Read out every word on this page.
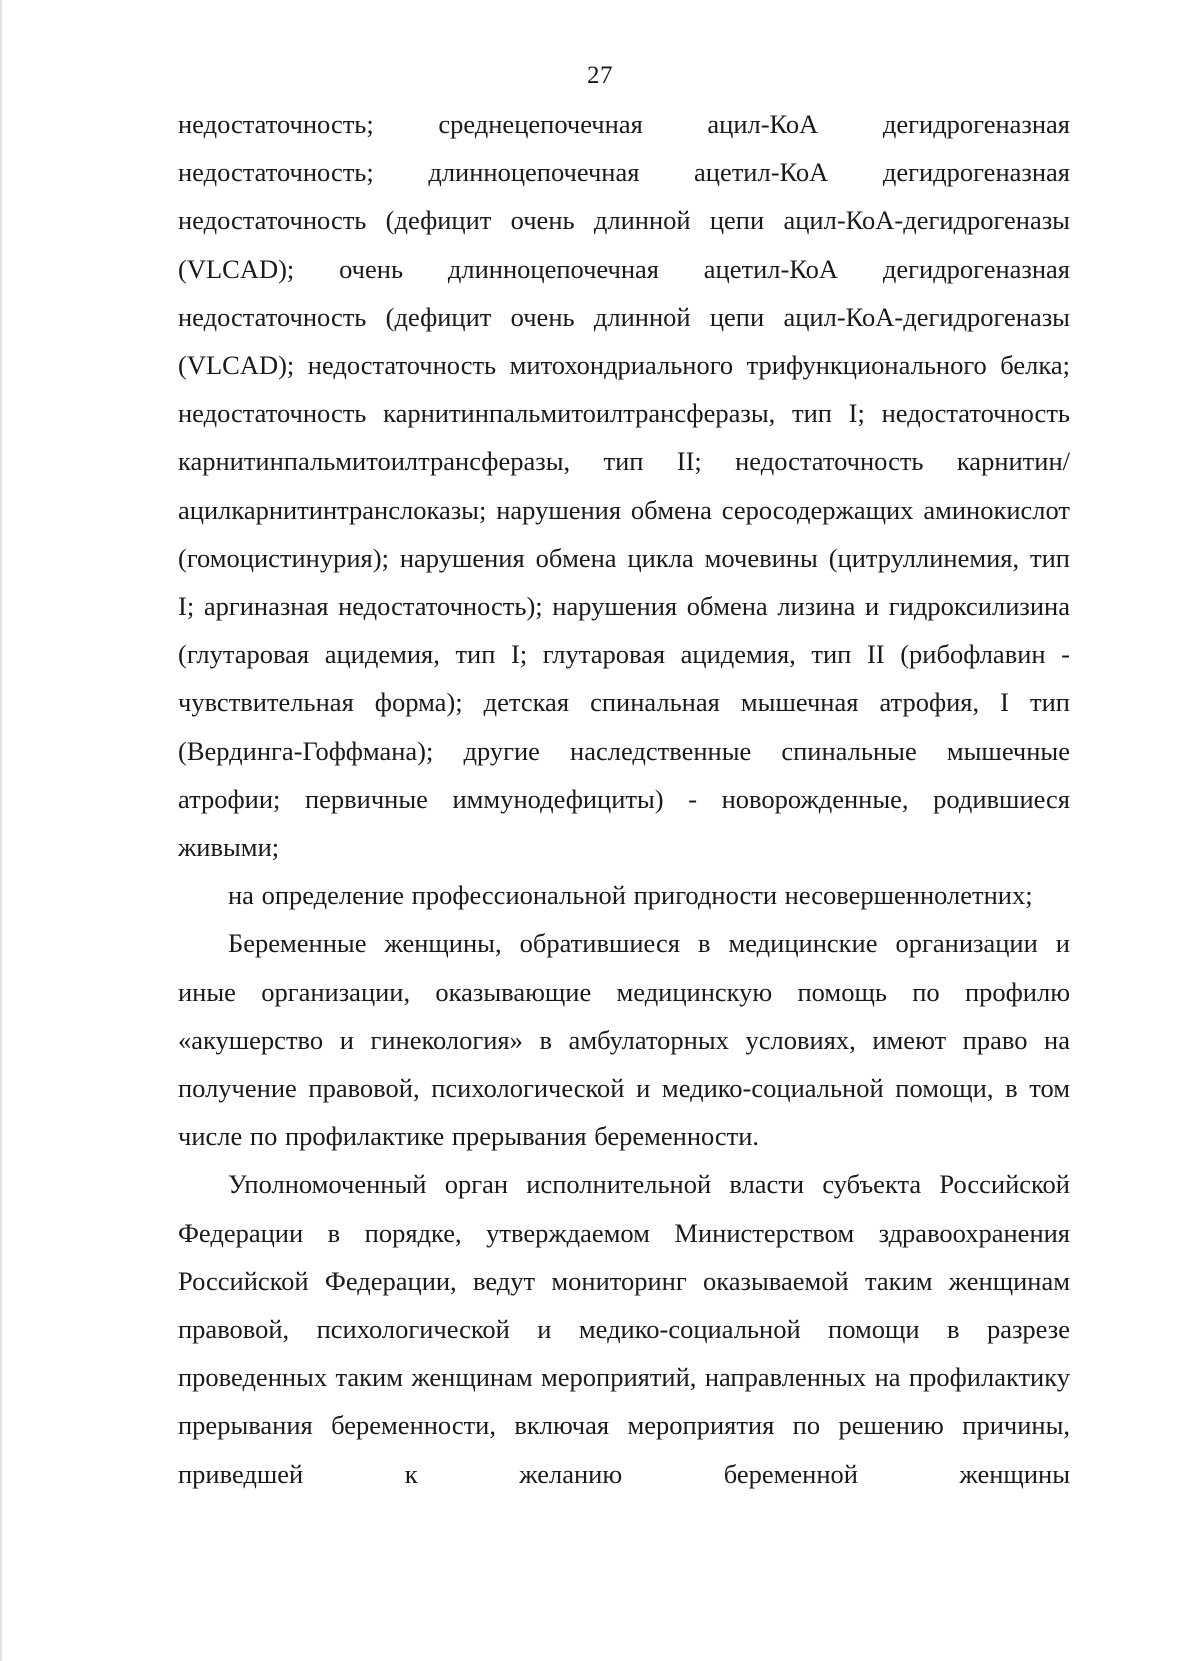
27

недостаточность; среднецепочечная ацил-КоА дегидрогеназная недостаточность; длинноцепочечная ацетил-КоА дегидрогеназная недостаточность (дефицит очень длинной цепи ацил-КоА-дегидрогеназы (VLCAD); очень длинноцепочечная ацетил-КоА дегидрогеназная недостаточность (дефицит очень длинной цепи ацил-КоА-дегидрогеназы (VLCAD); недостаточность митохондриального трифункционального белка; недостаточность карнитинпальмитоилтрансферазы, тип I; недостаточность карнитинпальмитоилтрансферазы, тип II; недостаточность карнитин/ацилкарнитинтранслоказы; нарушения обмена серосодержащих аминокислот (гомоцистинурия); нарушения обмена цикла мочевины (цитруллинемия, тип I; аргиназная недостаточность); нарушения обмена лизина и гидроксилизина (глутаровая ацидемия, тип I; глутаровая ацидемия, тип II (рибофлавин - чувствительная форма); детская спинальная мышечная атрофия, I тип (Вердинга-Гоффмана); другие наследственные спинальные мышечные атрофии; первичные иммунодефициты) - новорожденные, родившиеся живыми;

на определение профессиональной пригодности несовершеннолетних;

Беременные женщины, обратившиеся в медицинские организации и иные организации, оказывающие медицинскую помощь по профилю «акушерство и гинекология» в амбулаторных условиях, имеют право на получение правовой, психологической и медико-социальной помощи, в том числе по профилактике прерывания беременности.

Уполномоченный орган исполнительной власти субъекта Российской Федерации в порядке, утверждаемом Министерством здравоохранения Российской Федерации, ведут мониторинг оказываемой таким женщинам правовой, психологической и медико-социальной помощи в разрезе проведенных таким женщинам мероприятий, направленных на профилактику прерывания беременности, включая мероприятия по решению причины, приведшей к желанию беременной женщины
